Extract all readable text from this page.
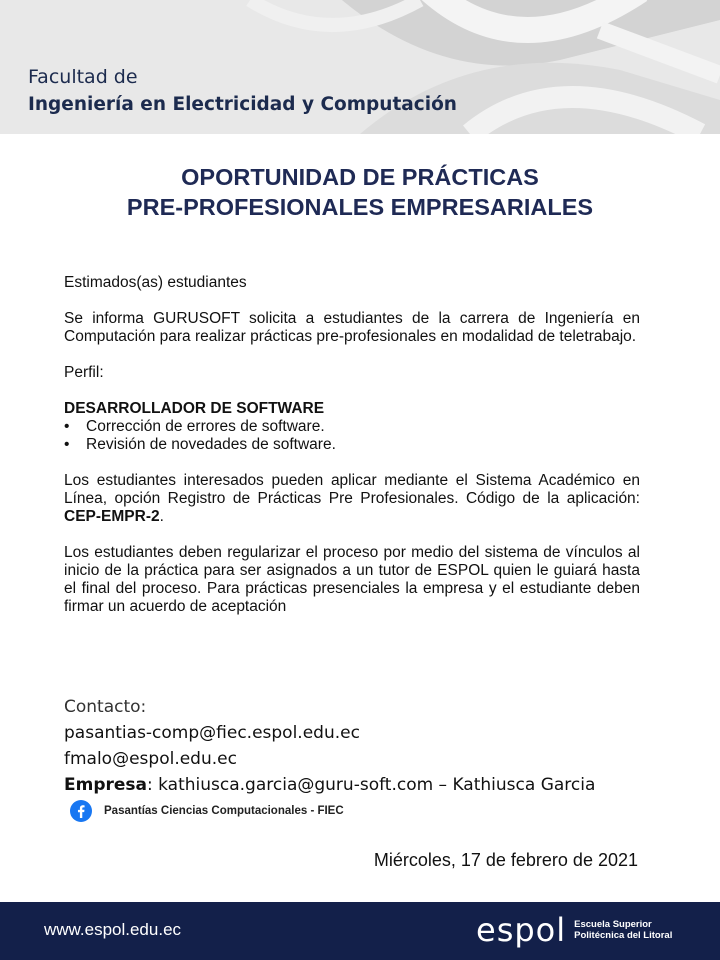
Facultad de
Ingeniería en Electricidad y Computación
OPORTUNIDAD DE PRÁCTICAS
PRE-PROFESIONALES EMPRESARIALES

Estimados(as) estudiantes

Se informa GURUSOFT solicita a estudiantes de la carrera de Ingeniería en Computación para realizar prácticas pre-profesionales en modalidad de teletrabajo.

Perfil:

DESARROLLADOR DE SOFTWARE

•	Corrección de errores de software.
•	Revisión de novedades de software.

Los estudiantes interesados pueden aplicar mediante el Sistema Académico en Línea, opción Registro de Prácticas Pre Profesionales. Código de la aplicación: CEP-EMPR-2.

Los estudiantes deben regularizar el proceso por medio del sistema de vínculos al inicio de la práctica para ser asignados a un tutor de ESPOL quien le guiará hasta el final del proceso. Para prácticas presenciales la empresa y el estudiante deben firmar un acuerdo de aceptación

Contacto:
pasantias-comp@fiec.espol.edu.ec
fmalo@espol.edu.ec
Empresa: kathiusca.garcia@guru-soft.com – Kathiusca Garcia
Pasantías Ciencias Computacionales - FIEC
Miércoles, 17 de febrero de 2021
www.espol.edu.ec	espol Escuela Superior
Politécnica del Litoral
